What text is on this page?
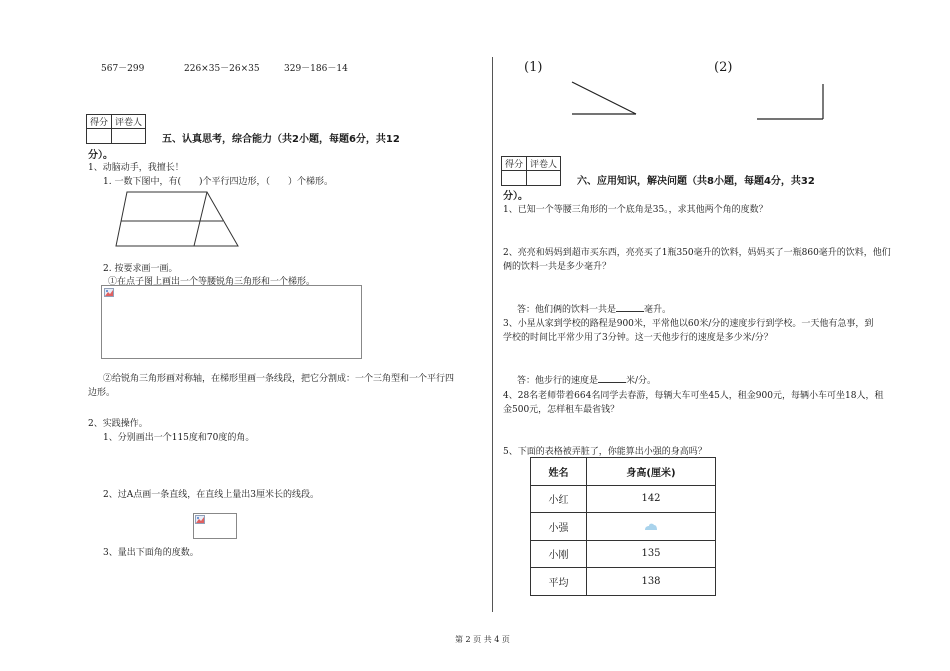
567－299	226×35－26×35	329－186－14
得分	评卷人

五、认真思考，综合能力（共2小题，每题6分，共12
分）。
1、动脑动手，我擅长！
1. 一数下图中，有(　　)个平行四边形，（　　）个梯形。
2. 按要求画一画。
①在点子图上画出一个等腰锐角三角形和一个梯形。
②给锐角三角形画对称轴，在梯形里画一条线段，把它分割成：一个三角型和一个平行四
边形。
2、实践操作。
1、分别画出一个115度和70度的角。
2、过A点画一条直线，在直线上量出3厘米长的线段。
3、量出下面角的度数。
(1)	(2)
得分	评卷人

六、应用知识，解决问题（共8小题，每题4分，共32
分）。
1、已知一个等腰三角形的一个底角是35。，求其他两个角的度数？
2、亮亮和妈妈到超市买东西，亮亮买了1瓶350毫升的饮料，妈妈买了一瓶860毫升的饮料，他们
俩的饮料一共是多少毫升？
答：他们俩的饮料一共是	毫升。
3、小星从家到学校的路程是900米，平常他以60米/分的速度步行到学校。一天他有急事，到
学校的时间比平常少用了3分钟。这一天他步行的速度是多少米/分？
答：他步行的速度是	米/分。
4、28名老师带着664名同学去春游，每辆大车可坐45人，租金900元，每辆小车可坐18人，租
金500元，怎样租车最省钱？
5、下面的表格被弄脏了，你能算出小强的身高吗？
姓名	身高(厘米)
小红	142
小强	
小刚	135
平均	138
第 2 页 共 4 页
